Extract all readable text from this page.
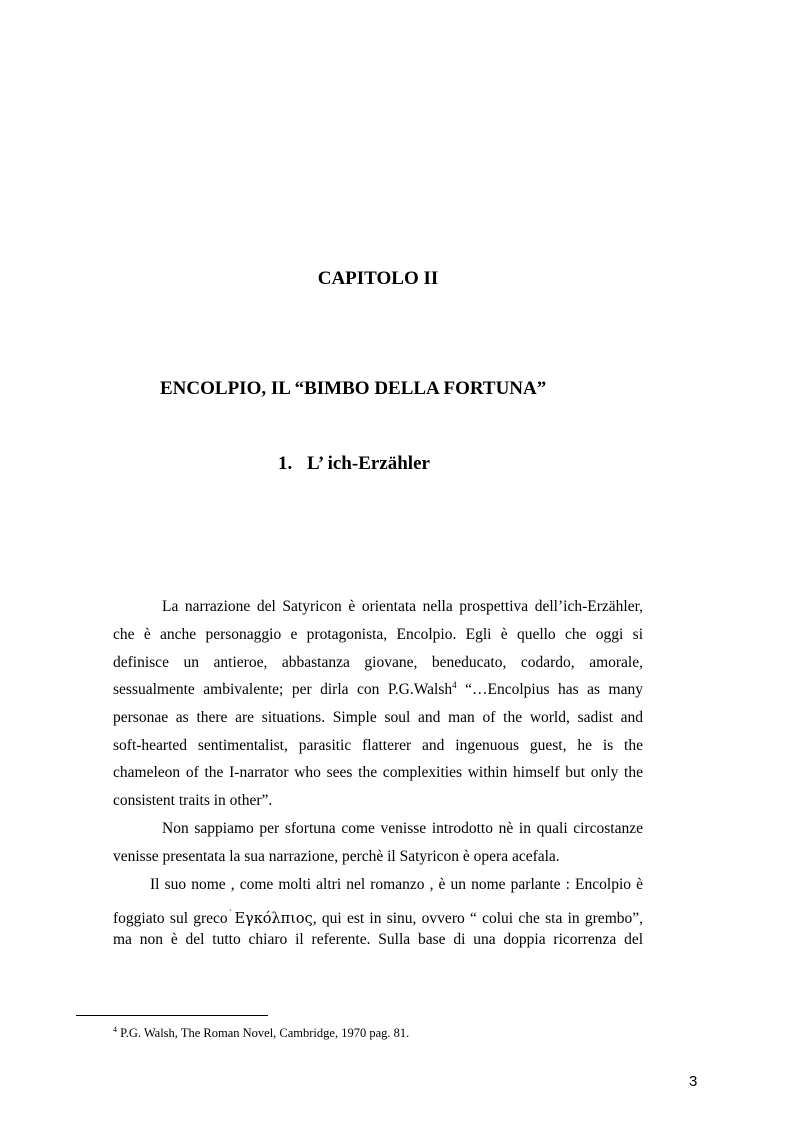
CAPITOLO II
ENCOLPIO, IL “BIMBO DELLA FORTUNA”
1. L’ ich-Erzähler
La narrazione del Satyricon è orientata nella prospettiva dell’ich-Erzähler,
che è anche personaggio e protagonista, Encolpio. Egli è quello che oggi si
definisce un antieroe, abbastanza giovane, beneducato, codardo, amorale,
sessualmente ambivalente; per dirla con P.G.Walsh$^4$ “…Encolpius has as many
personae as there are situations. Simple soul and man of the world, sadist and
soft-hearted sentimentalist, parasitic flatterer and ingenuous guest, he is the
chameleon of the I-narrator who sees the complexities within himself but only the
consistent traits in other”.
Non sappiamo per sfortuna come venisse introdotto nè in quali circostanze
venisse presentata la sua narrazione, perchè il Satyricon è opera acefala.
Il suo nome , come molti altri nel romanzo , è un nome parlante : Encolpio è
foggiato sul greco$^ˋ$Εγκόλπιος, qui est in sinu, ovvero “ colui che sta in grembo”,
ma non è del tutto chiaro il referente. Sulla base di una doppia ricorrenza del
$^4$ P.G. Walsh, The Roman Novel, Cambridge, 1970 pag. 81.
3
